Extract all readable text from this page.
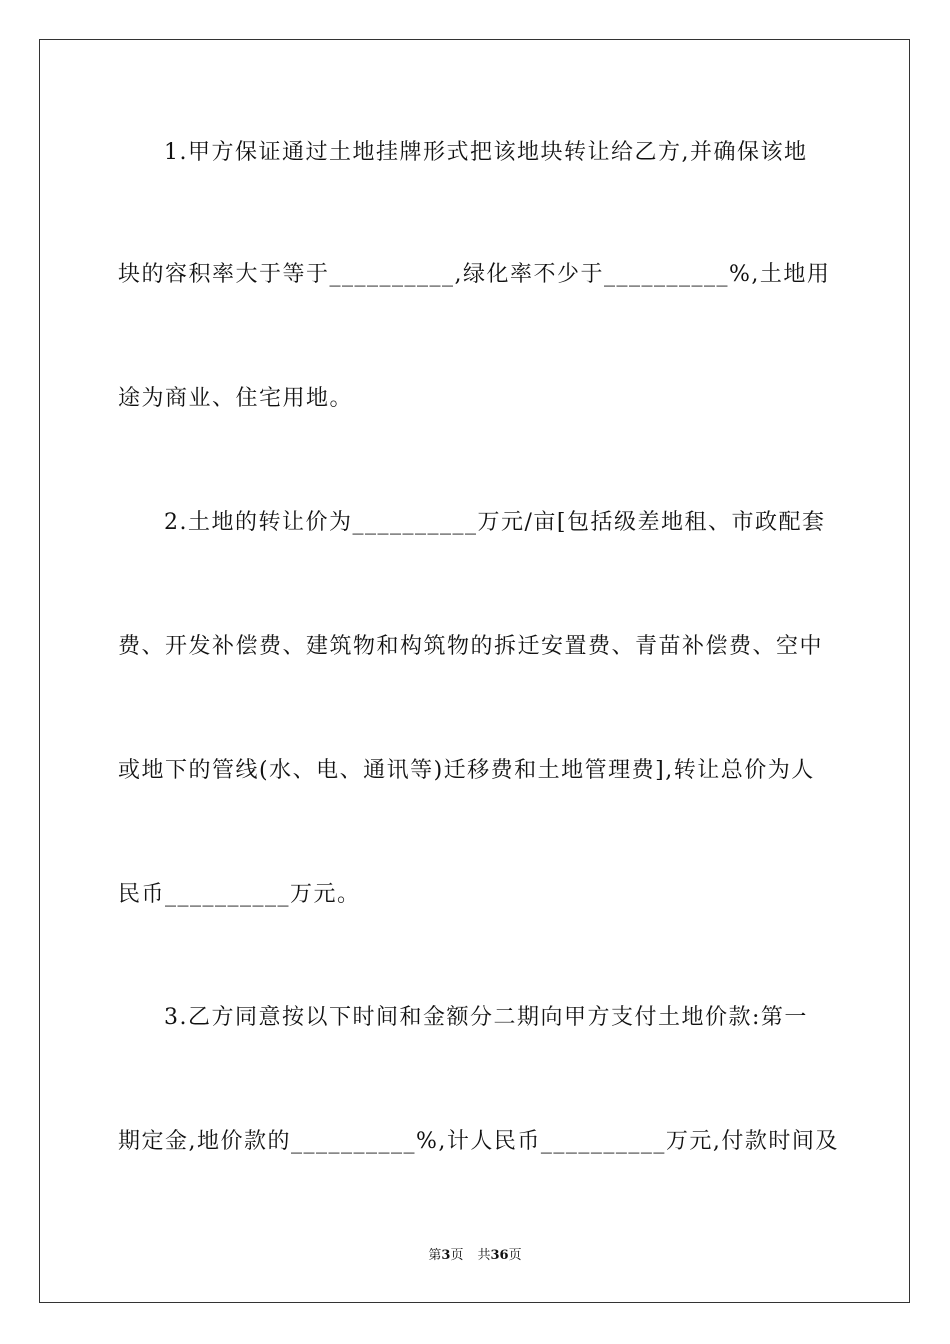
1.甲方保证通过土地挂牌形式把该地块转让给乙方,并确保该地
块的容积率大于等于__________,绿化率不少于__________%,土地用
途为商业、住宅用地。
2.土地的转让价为__________万元/亩[包括级差地租、市政配套
费、开发补偿费、建筑物和构筑物的拆迁安置费、青苗补偿费、空中
或地下的管线(水、电、通讯等)迁移费和土地管理费],转让总价为人
民币__________万元。
3.乙方同意按以下时间和金额分二期向甲方支付土地价款:第一
期定金,地价款的__________%,计人民币__________万元,付款时间及
第3页 共36页
